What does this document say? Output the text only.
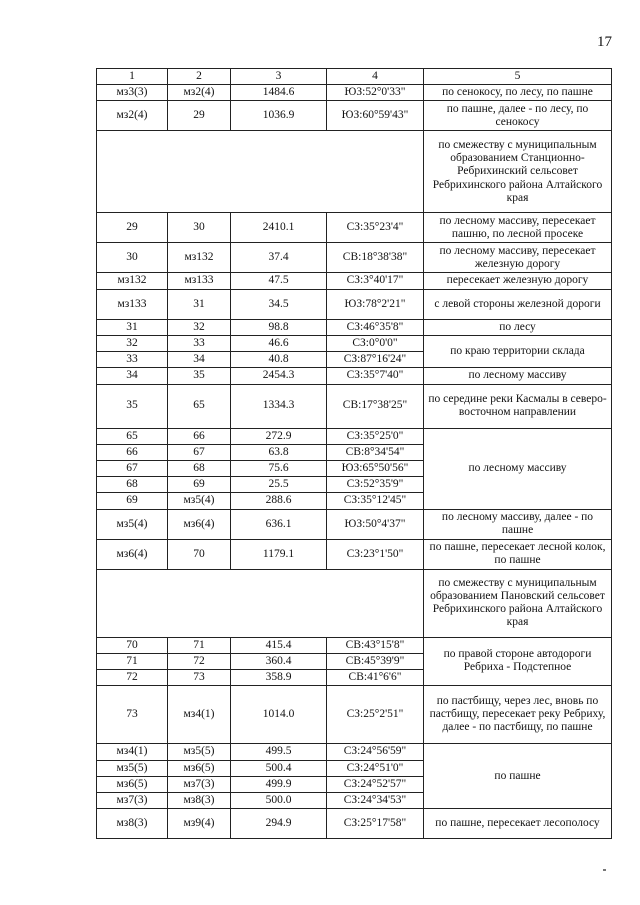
17
1	2	3	4	5
мз3(3)	мз2(4)	1484.6	ЮЗ:52°0'33"	по сенокосу, по лесу, по пашне
мз2(4)	29	1036.9	ЮЗ:60°59'43"	по пашне, далее - по лесу, по сенокосу
				по смежеству с муниципальным образованием Станционно-Ребрихинский сельсовет Ребрихинского района Алтайского края
29	30	2410.1	СЗ:35°23'4"	по лесному массиву, пересекает пашню, по лесной просеке
30	мз132	37.4	СВ:18°38'38"	по лесному массиву, пересекает железную дорогу
мз132	мз133	47.5	СЗ:3°40'17"	пересекает железную дорогу
мз133	31	34.5	ЮЗ:78°2'21"	с левой стороны железной дороги
31	32	98.8	СЗ:46°35'8"	по лесу
32	33	46.6	СЗ:0°0'0"	по краю территории склада
33	34	40.8	СЗ:87°16'24"	
34	35	2454.3	СЗ:35°7'40"	по лесному массиву
35	65	1334.3	СВ:17°38'25"	по середине реки Касмалы в северо-восточном направлении
65	66	272.9	СЗ:35°25'0"	по лесному массиву
66	67	63.8	СВ:8°34'54"	
67	68	75.6	ЮЗ:65°50'56"	
68	69	25.5	СЗ:52°35'9"	
69	мз5(4)	288.6	СЗ:35°12'45"	
мз5(4)	мз6(4)	636.1	ЮЗ:50°4'37"	по лесному массиву, далее - по пашне
мз6(4)	70	1179.1	СЗ:23°1'50"	по пашне, пересекает лесной колок, по пашне
				по смежеству с муниципальным образованием Пановский сельсовет Ребрихинского района Алтайского края
70	71	415.4	СВ:43°15'8"	по правой стороне автодороги Ребриха - Подстепное
71	72	360.4	СВ:45°39'9"	
72	73	358.9	СВ:41°6'6"	
73	мз4(1)	1014.0	СЗ:25°2'51"	по пастбищу, через лес, вновь по пастбищу, пересекает реку Ребриху, далее - по пастбищу, по пашне
мз4(1)	мз5(5)	499.5	СЗ:24°56'59"	по пашне
мз5(5)	мз6(5)	500.4	СЗ:24°51'0"	
мз6(5)	мз7(3)	499.9	СЗ:24°52'57"	
мз7(3)	мз8(3)	500.0	СЗ:24°34'53"	
мз8(3)	мз9(4)	294.9	СЗ:25°17'58"	по пашне, пересекает лесополосу
